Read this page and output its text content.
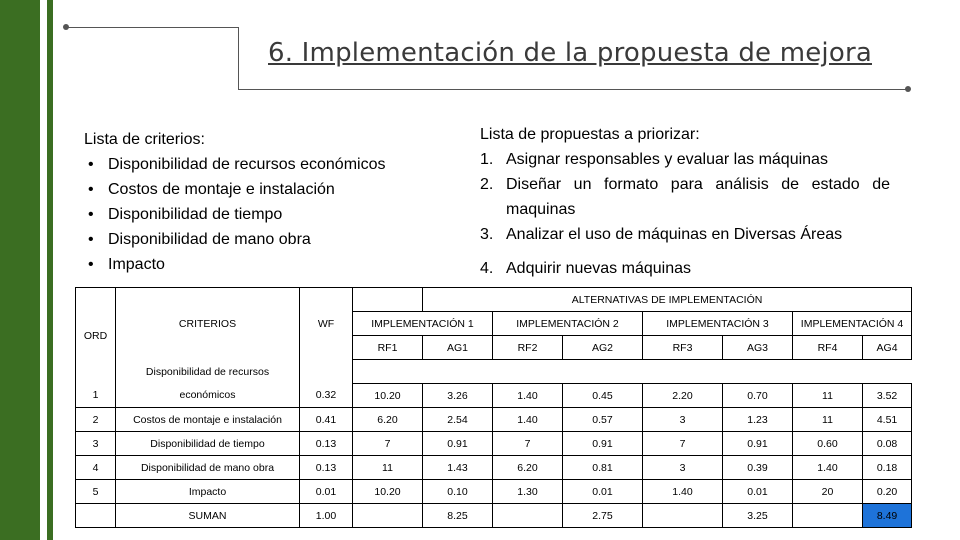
6. Implementación de la propuesta de mejora
Lista de criterios:
• Disponibilidad de recursos económicos
• Costos de montaje e instalación
• Disponibilidad de tiempo
• Disponibilidad de mano obra
• Impacto
Lista de propuestas a priorizar:
1. Asignar responsables y evaluar las máquinas
2. Diseñar un formato para análisis de estado de maquinas
3. Analizar el uso de máquinas en Diversas Áreas
4. Adquirir nuevas máquinas
ORD	CRITERIOS	WF		ALTERNATIVAS DE IMPLEMENTACIÓN						
			IMPLEMENTACIÓN 1		IMPLEMENTACIÓN 2		IMPLEMENTACIÓN 3		IMPLEMENTACIÓN 4	
			RF1	AG1	RF2	AG2	RF3	AG3	RF4	AG4
	Disponibilidad de recursos									
1	económicos	0.32	10.20	3.26	1.40	0.45	2.20	0.70	11	3.52
2	Costos de montaje e instalación	0.41	6.20	2.54	1.40	0.57	3	1.23	11	4.51
3	Disponibilidad de tiempo	0.13	7	0.91	7	0.91	7	0.91	0.60	0.08
4	Disponibilidad de mano obra	0.13	11	1.43	6.20	0.81	3	0.39	1.40	0.18
5	Impacto	0.01	10.20	0.10	1.30	0.01	1.40	0.01	20	0.20
	SUMAN	1.00		8.25		2.75		3.25		8.49
